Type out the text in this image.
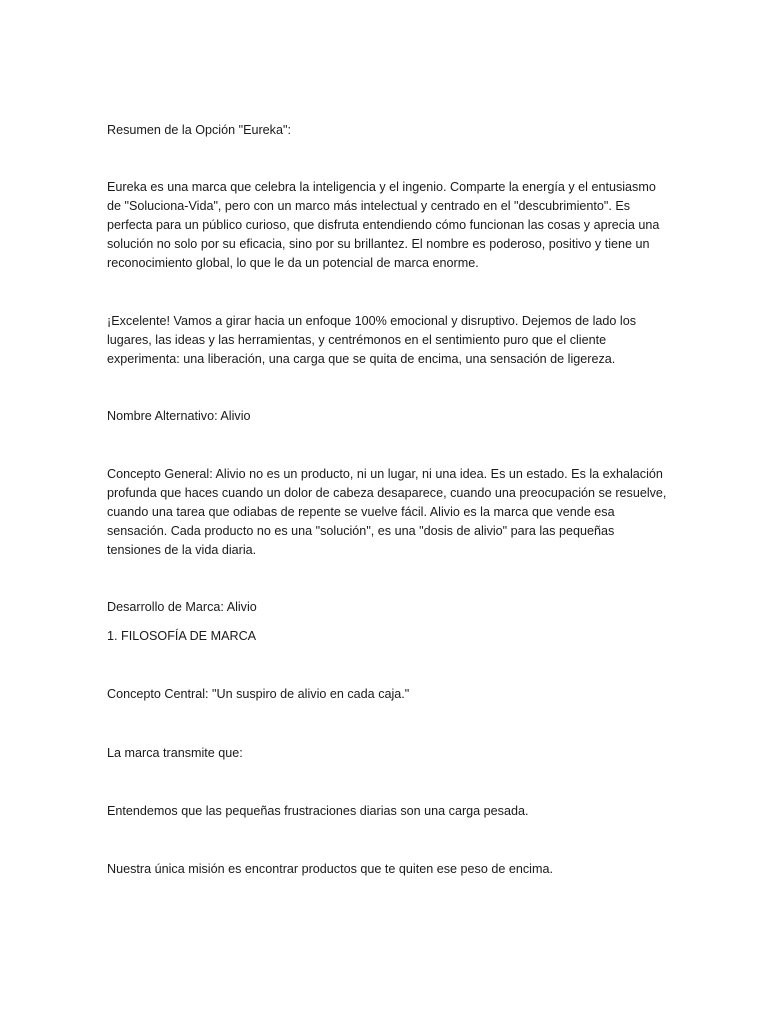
Resumen de la Opción "Eureka":

Eureka es una marca que celebra la inteligencia y el ingenio. Comparte la energía y el entusiasmo de "Soluciona-Vida", pero con un marco más intelectual y centrado en el "descubrimiento". Es perfecta para un público curioso, que disfruta entendiendo cómo funcionan las cosas y aprecia una solución no solo por su eficacia, sino por su brillantez. El nombre es poderoso, positivo y tiene un reconocimiento global, lo que le da un potencial de marca enorme.

¡Excelente! Vamos a girar hacia un enfoque 100% emocional y disruptivo. Dejemos de lado los lugares, las ideas y las herramientas, y centrémonos en el sentimiento puro que el cliente experimenta: una liberación, una carga que se quita de encima, una sensación de ligereza.

Nombre Alternativo: Alivio

Concepto General: Alivio no es un producto, ni un lugar, ni una idea. Es un estado. Es la exhalación profunda que haces cuando un dolor de cabeza desaparece, cuando una preocupación se resuelve, cuando una tarea que odiabas de repente se vuelve fácil. Alivio es la marca que vende esa sensación. Cada producto no es una "solución", es una "dosis de alivio" para las pequeñas tensiones de la vida diaria.

Desarrollo de Marca: Alivio

1. FILOSOFÍA DE MARCA

Concepto Central: "Un suspiro de alivio en cada caja."

La marca transmite que:

Entendemos que las pequeñas frustraciones diarias son una carga pesada.

Nuestra única misión es encontrar productos que te quiten ese peso de encima.
